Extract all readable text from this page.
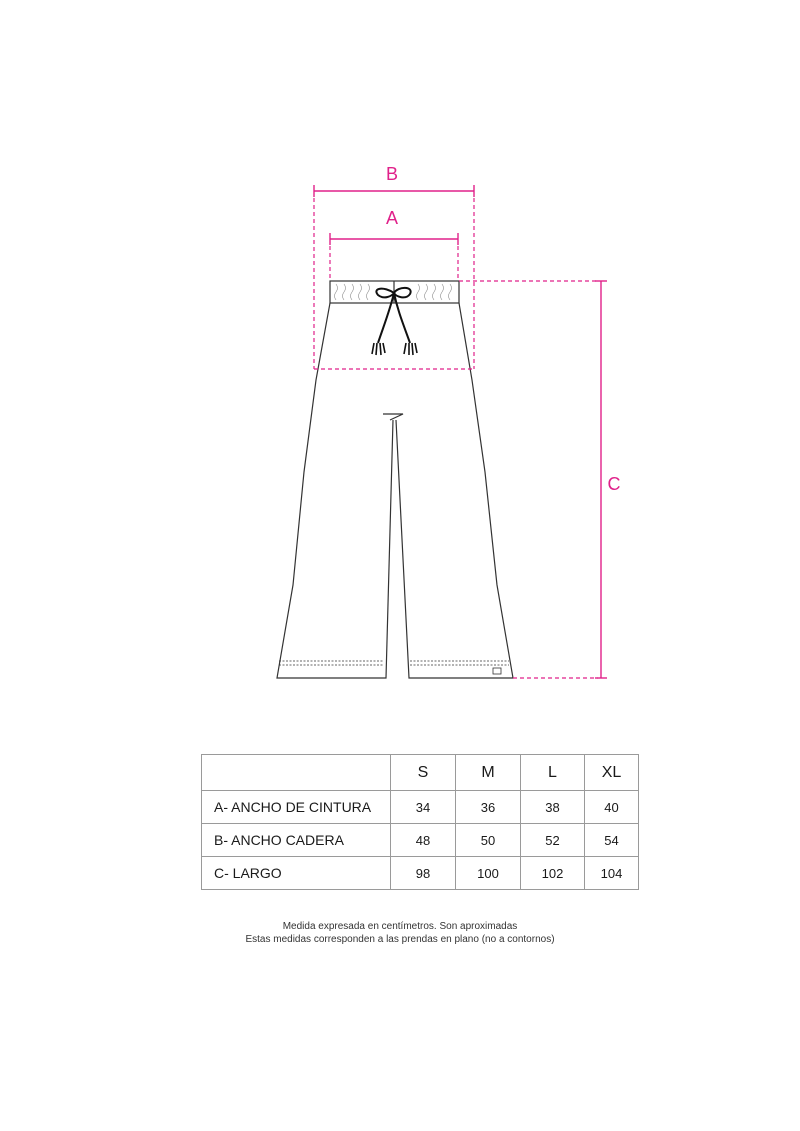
B
A
C
	S	M	L	XL
A- ANCHO DE CINTURA	34	36	38	40
B- ANCHO CADERA	48	50	52	54
C- LARGO	98	100	102	104
Medida expresada en centímetros. Son aproximadas
Estas medidas corresponden a las prendas en plano (no a contornos)
